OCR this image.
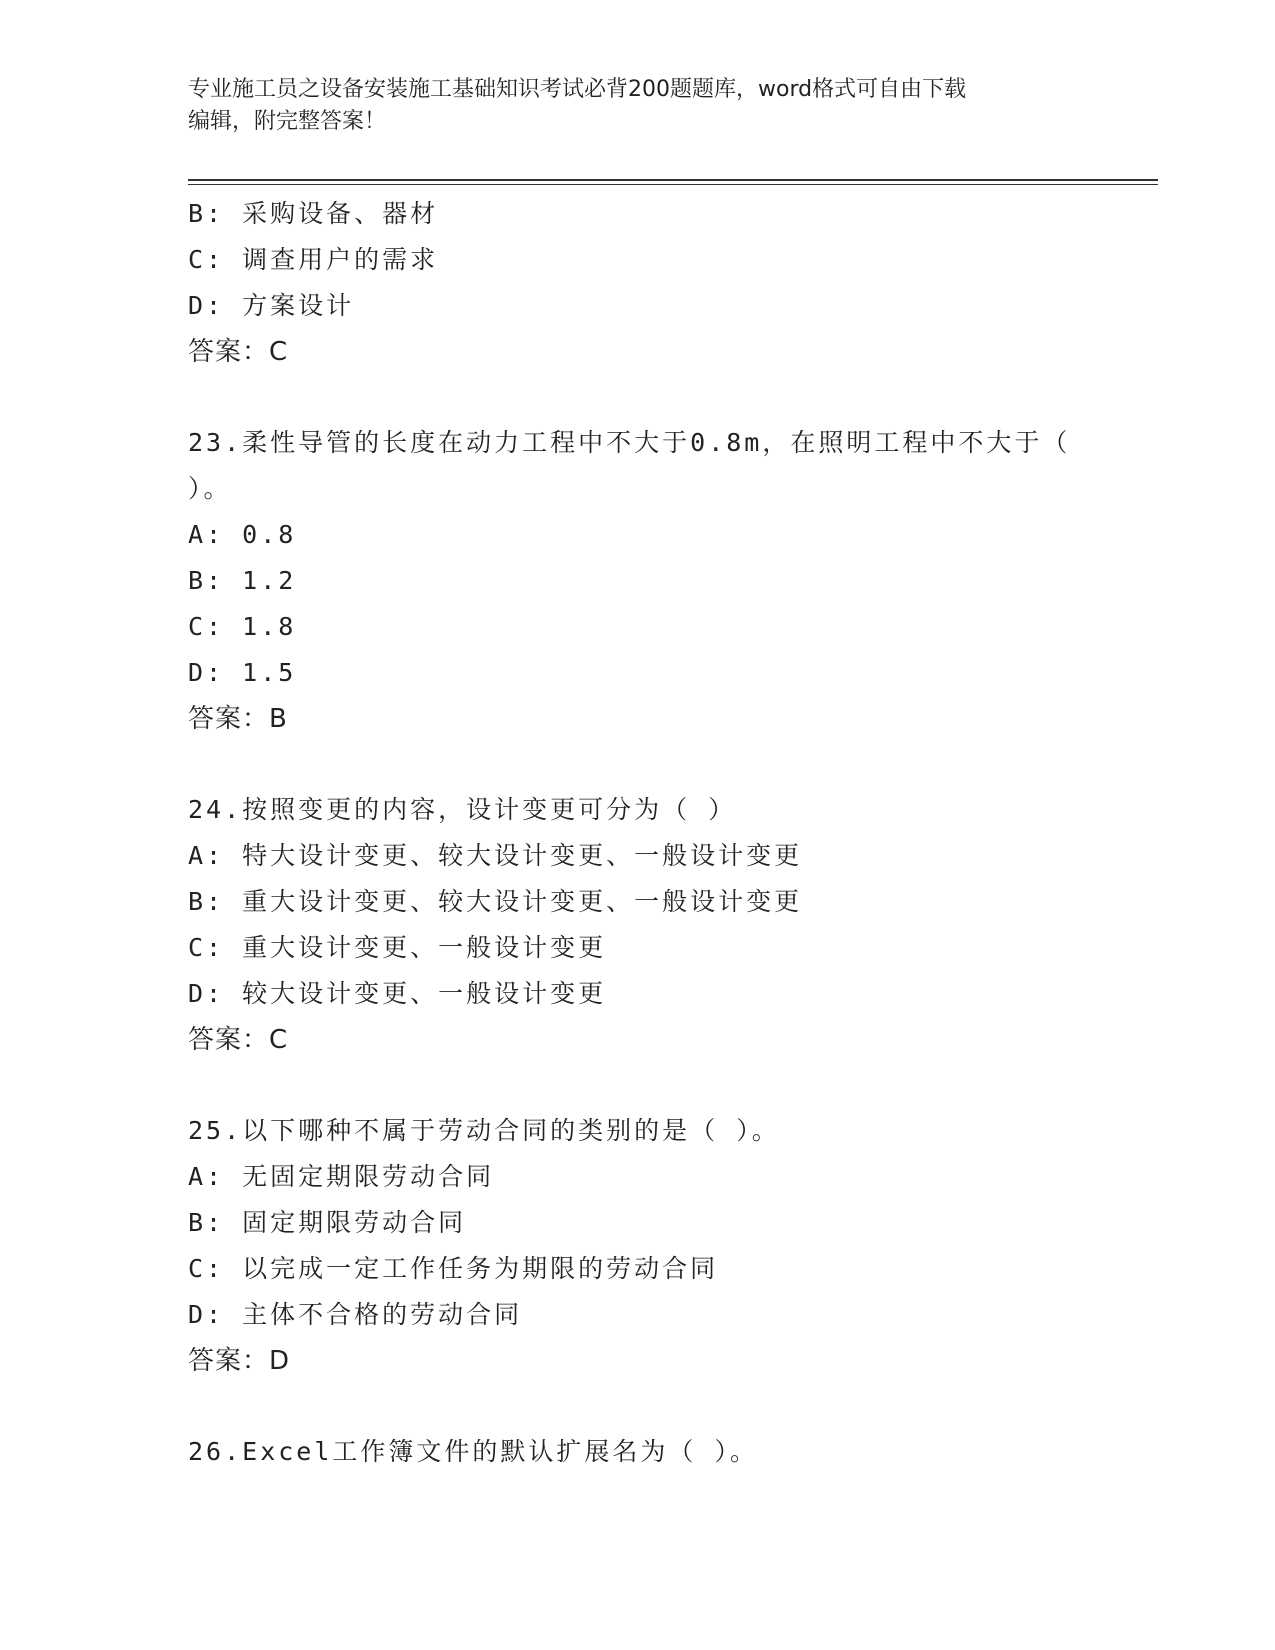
专业施工员之设备安装施工基础知识考试必背200题题库，word格式可自由下载
编辑，附完整答案！
B: 采购设备、器材
C: 调查用户的需求
D: 方案设计
答案：C
23.柔性导管的长度在动力工程中不大于0.8m，在照明工程中不大于（
）。
A: 0.8
B: 1.2
C: 1.8
D: 1.5
答案：B
24.按照变更的内容，设计变更可分为（ ）
A: 特大设计变更、较大设计变更、一般设计变更
B: 重大设计变更、较大设计变更、一般设计变更
C: 重大设计变更、一般设计变更
D: 较大设计变更、一般设计变更
答案：C
25.以下哪种不属于劳动合同的类别的是（ ）。
A: 无固定期限劳动合同
B: 固定期限劳动合同
C: 以完成一定工作任务为期限的劳动合同
D: 主体不合格的劳动合同
答案：D
26.Excel工作簿文件的默认扩展名为（ ）。
